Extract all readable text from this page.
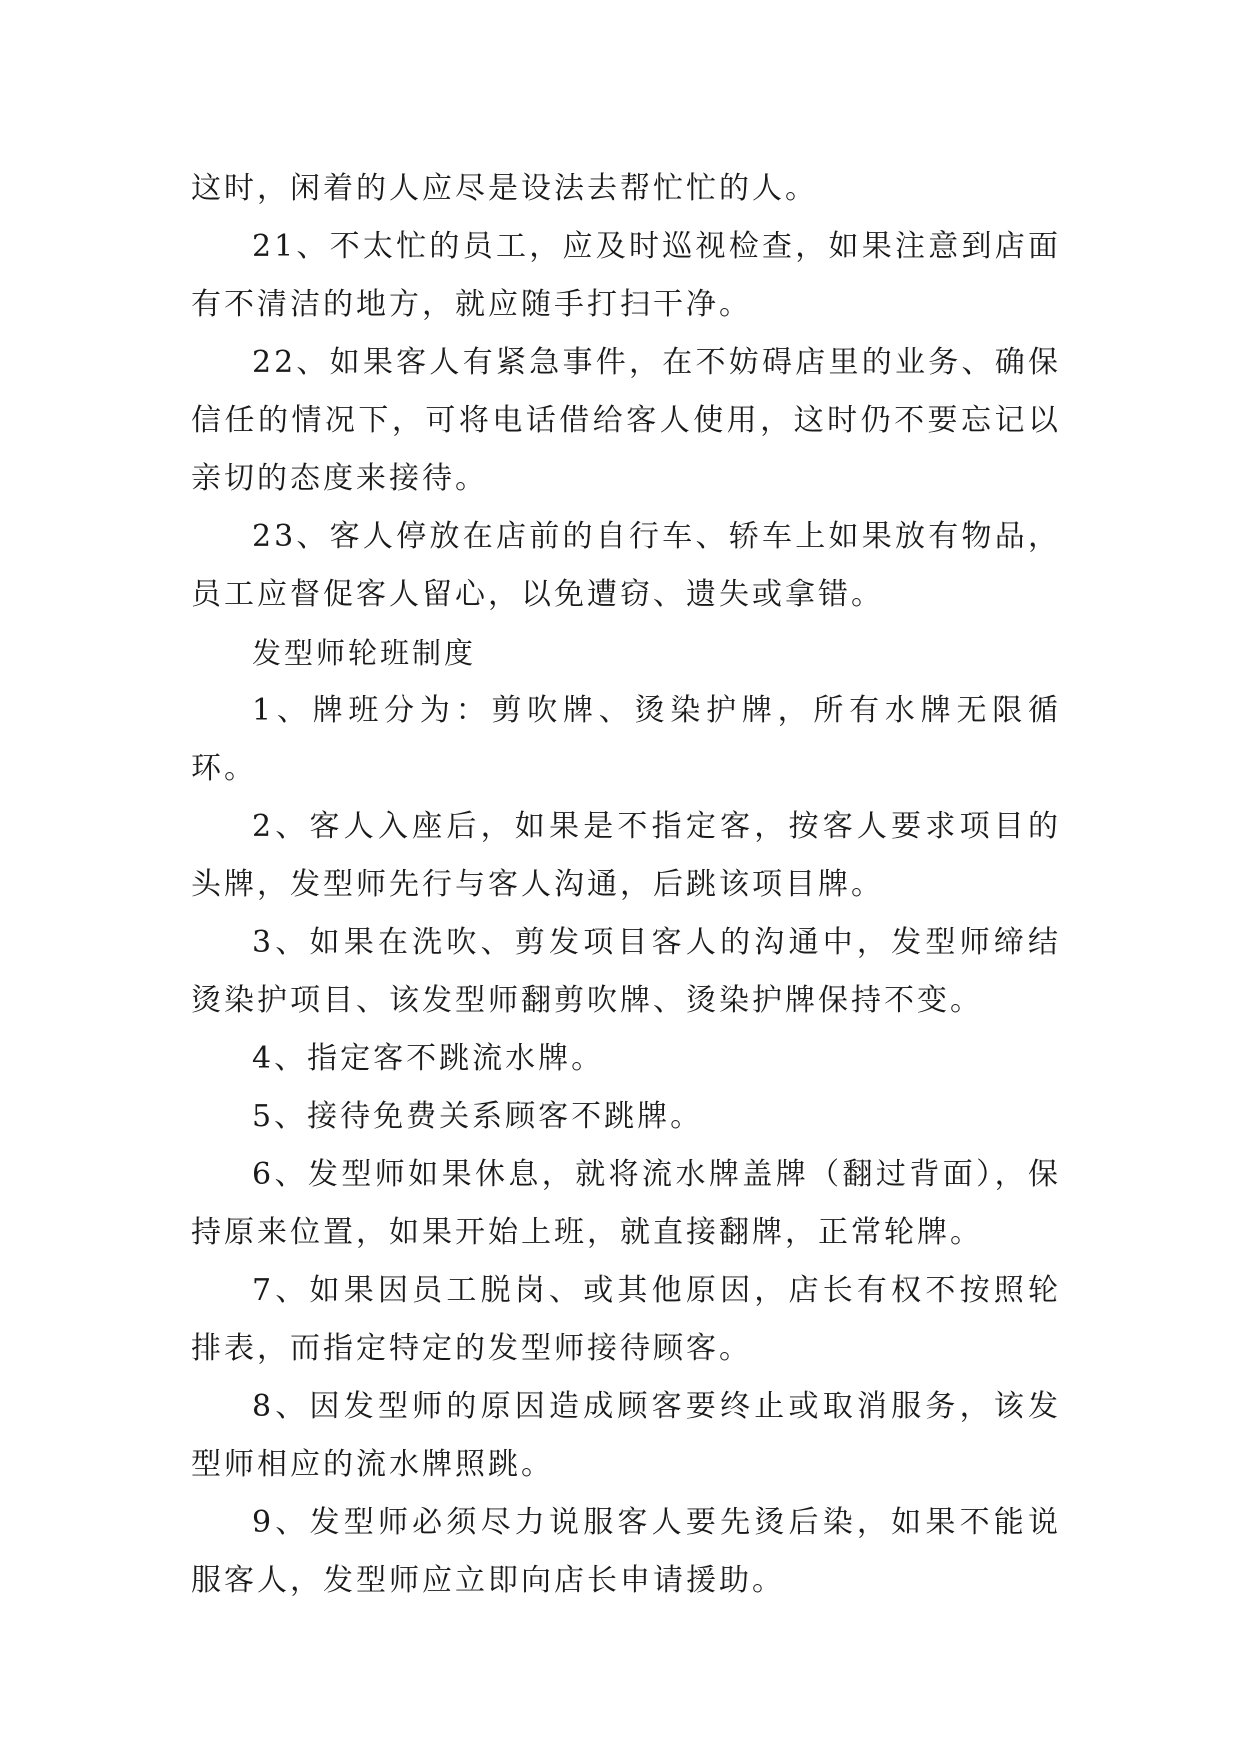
这时，闲着的人应尽是设法去帮忙忙的人。

21、不太忙的员工，应及时巡视检查，如果注意到店面有不清洁的地方，就应随手打扫干净。

22、如果客人有紧急事件，在不妨碍店里的业务、确保信任的情况下，可将电话借给客人使用，这时仍不要忘记以亲切的态度来接待。

23、客人停放在店前的自行车、轿车上如果放有物品，员工应督促客人留心，以免遭窃、遗失或拿错。

发型师轮班制度

1、牌班分为：剪吹牌、烫染护牌，所有水牌无限循环。

2、客人入座后，如果是不指定客，按客人要求项目的头牌，发型师先行与客人沟通，后跳该项目牌。

3、如果在洗吹、剪发项目客人的沟通中，发型师缔结烫染护项目、该发型师翻剪吹牌、烫染护牌保持不变。

4、指定客不跳流水牌。

5、接待免费关系顾客不跳牌。

6、发型师如果休息，就将流水牌盖牌（翻过背面），保持原来位置，如果开始上班，就直接翻牌，正常轮牌。

7、如果因员工脱岗、或其他原因，店长有权不按照轮排表，而指定特定的发型师接待顾客。

8、因发型师的原因造成顾客要终止或取消服务，该发型师相应的流水牌照跳。

9、发型师必须尽力说服客人要先烫后染，如果不能说服客人，发型师应立即向店长申请援助。
